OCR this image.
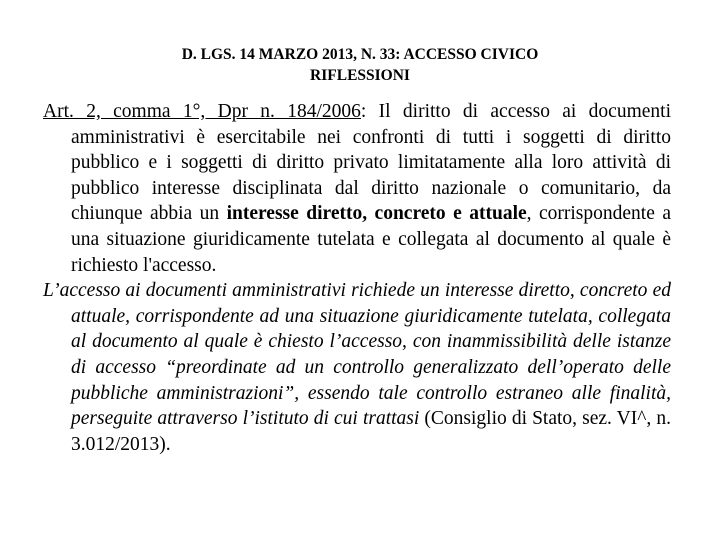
D. LGS. 14 MARZO 2013, N. 33: ACCESSO CIVICO
RIFLESSIONI

Art. 2, comma 1°, Dpr n. 184/2006: Il diritto di accesso ai documenti amministrativi è esercitabile nei confronti di tutti i soggetti di diritto pubblico e i soggetti di diritto privato limitatamente alla loro attività di pubblico interesse disciplinata dal diritto nazionale o comunitario, da chiunque abbia un interesse diretto, concreto e attuale, corrispondente a una situazione giuridicamente tutelata e collegata al documento al quale è richiesto l'accesso.

L’accesso ai documenti amministrativi richiede un interesse diretto, concreto ed attuale, corrispondente ad una situazione giuridicamente tutelata, collegata al documento al quale è chiesto l’accesso, con inammissibilità delle istanze di accesso “preordinate ad un controllo generalizzato dell’operato delle pubbliche amministrazioni”, essendo tale controllo estraneo alle finalità, perseguite attraverso l’istituto di cui trattasi (Consiglio di Stato, sez. VI^, n. 3.012/2013).
